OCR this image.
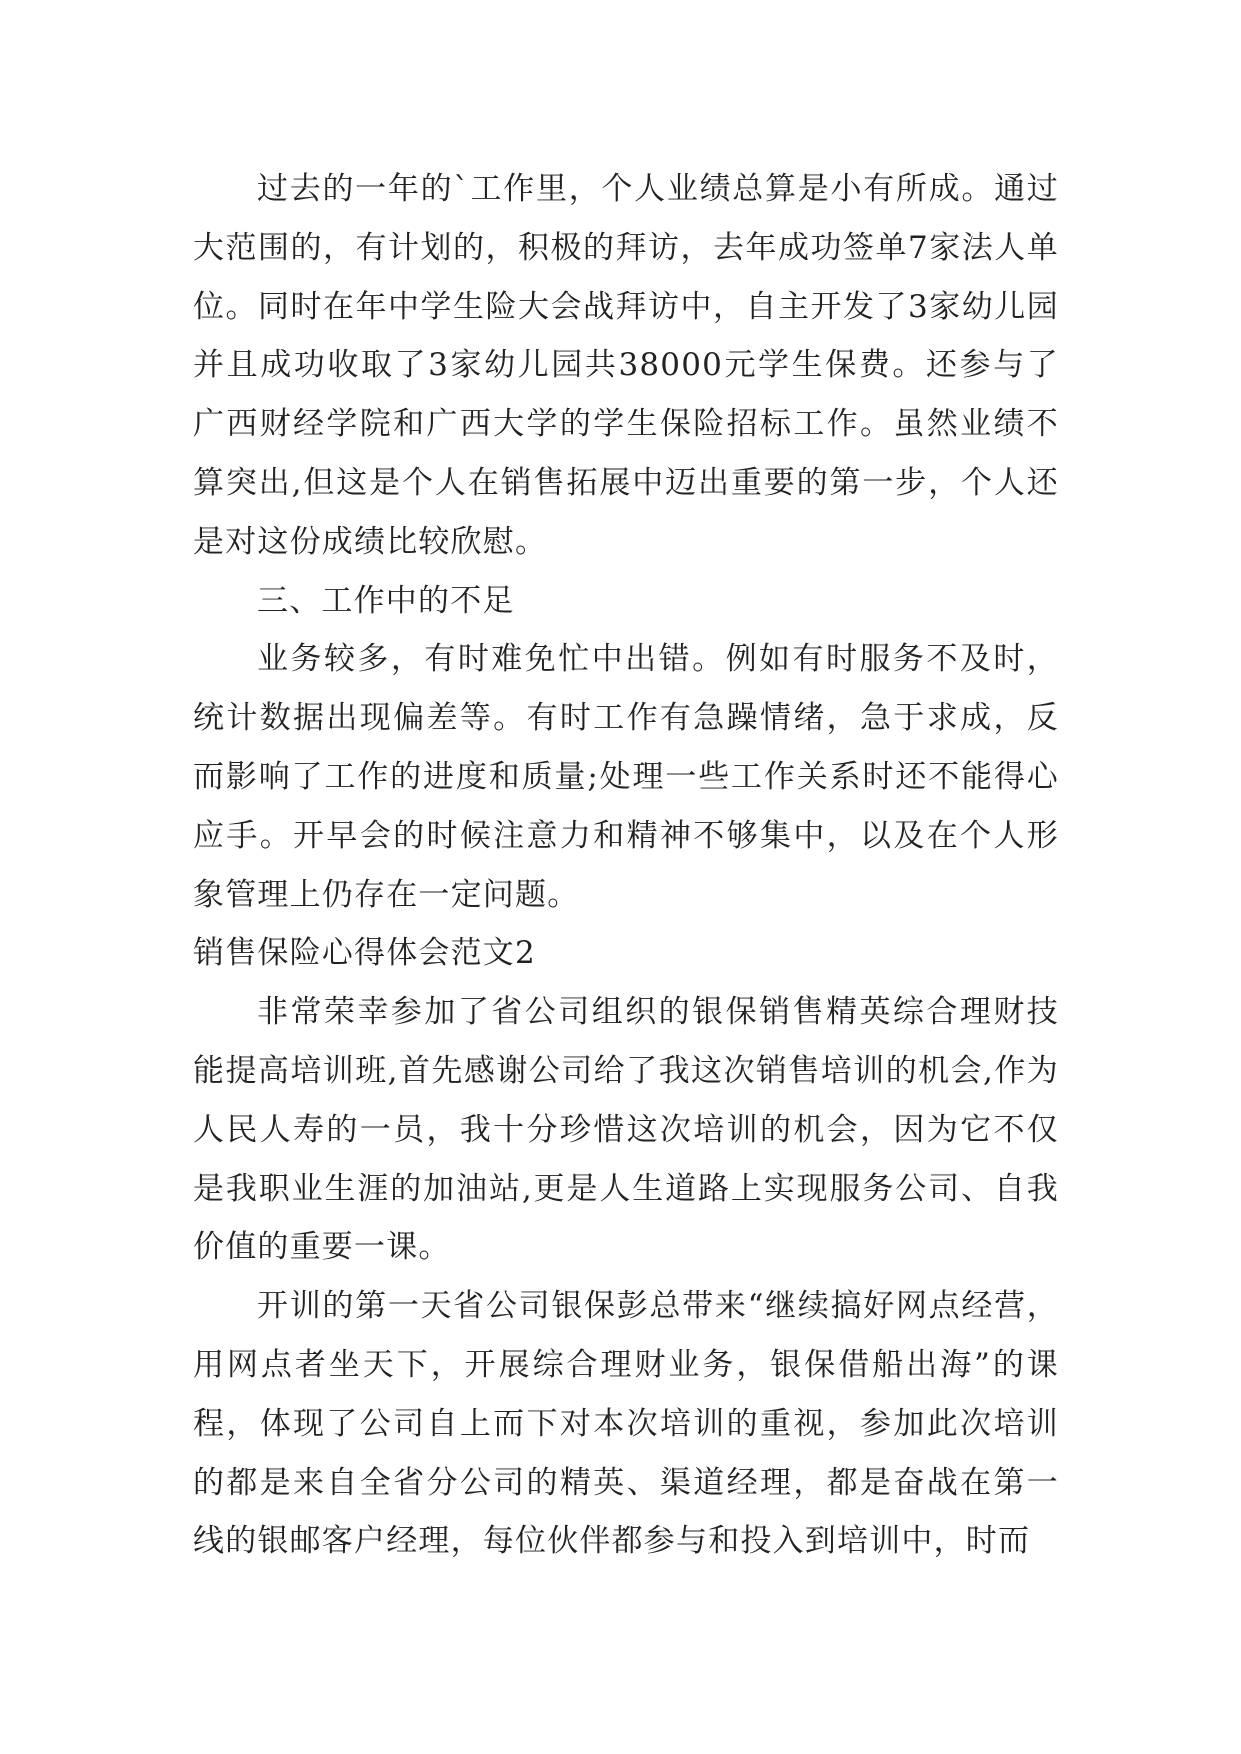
过去的一年的`工作里，个人业绩总算是小有所成。通过大范围的，有计划的，积极的拜访，去年成功签单7家法人单位。同时在年中学生险大会战拜访中，自主开发了3家幼儿园并且成功收取了3家幼儿园共38000元学生保费。还参与了广西财经学院和广西大学的学生保险招标工作。虽然业绩不算突出,但这是个人在销售拓展中迈出重要的第一步，个人还是对这份成绩比较欣慰。

三、工作中的不足

业务较多，有时难免忙中出错。例如有时服务不及时，统计数据出现偏差等。有时工作有急躁情绪，急于求成，反而影响了工作的进度和质量;处理一些工作关系时还不能得心应手。开早会的时候注意力和精神不够集中，以及在个人形象管理上仍存在一定问题。

销售保险心得体会范文2

非常荣幸参加了省公司组织的银保销售精英综合理财技能提高培训班,首先感谢公司给了我这次销售培训的机会,作为人民人寿的一员，我十分珍惜这次培训的机会，因为它不仅是我职业生涯的加油站,更是人生道路上实现服务公司、自我价值的重要一课。

开训的第一天省公司银保彭总带来“继续搞好网点经营，用网点者坐天下，开展综合理财业务，银保借船出海”的课程，体现了公司自上而下对本次培训的重视，参加此次培训的都是来自全省分公司的精英、渠道经理，都是奋战在第一线的银邮客户经理，每位伙伴都参与和投入到培训中，时而
